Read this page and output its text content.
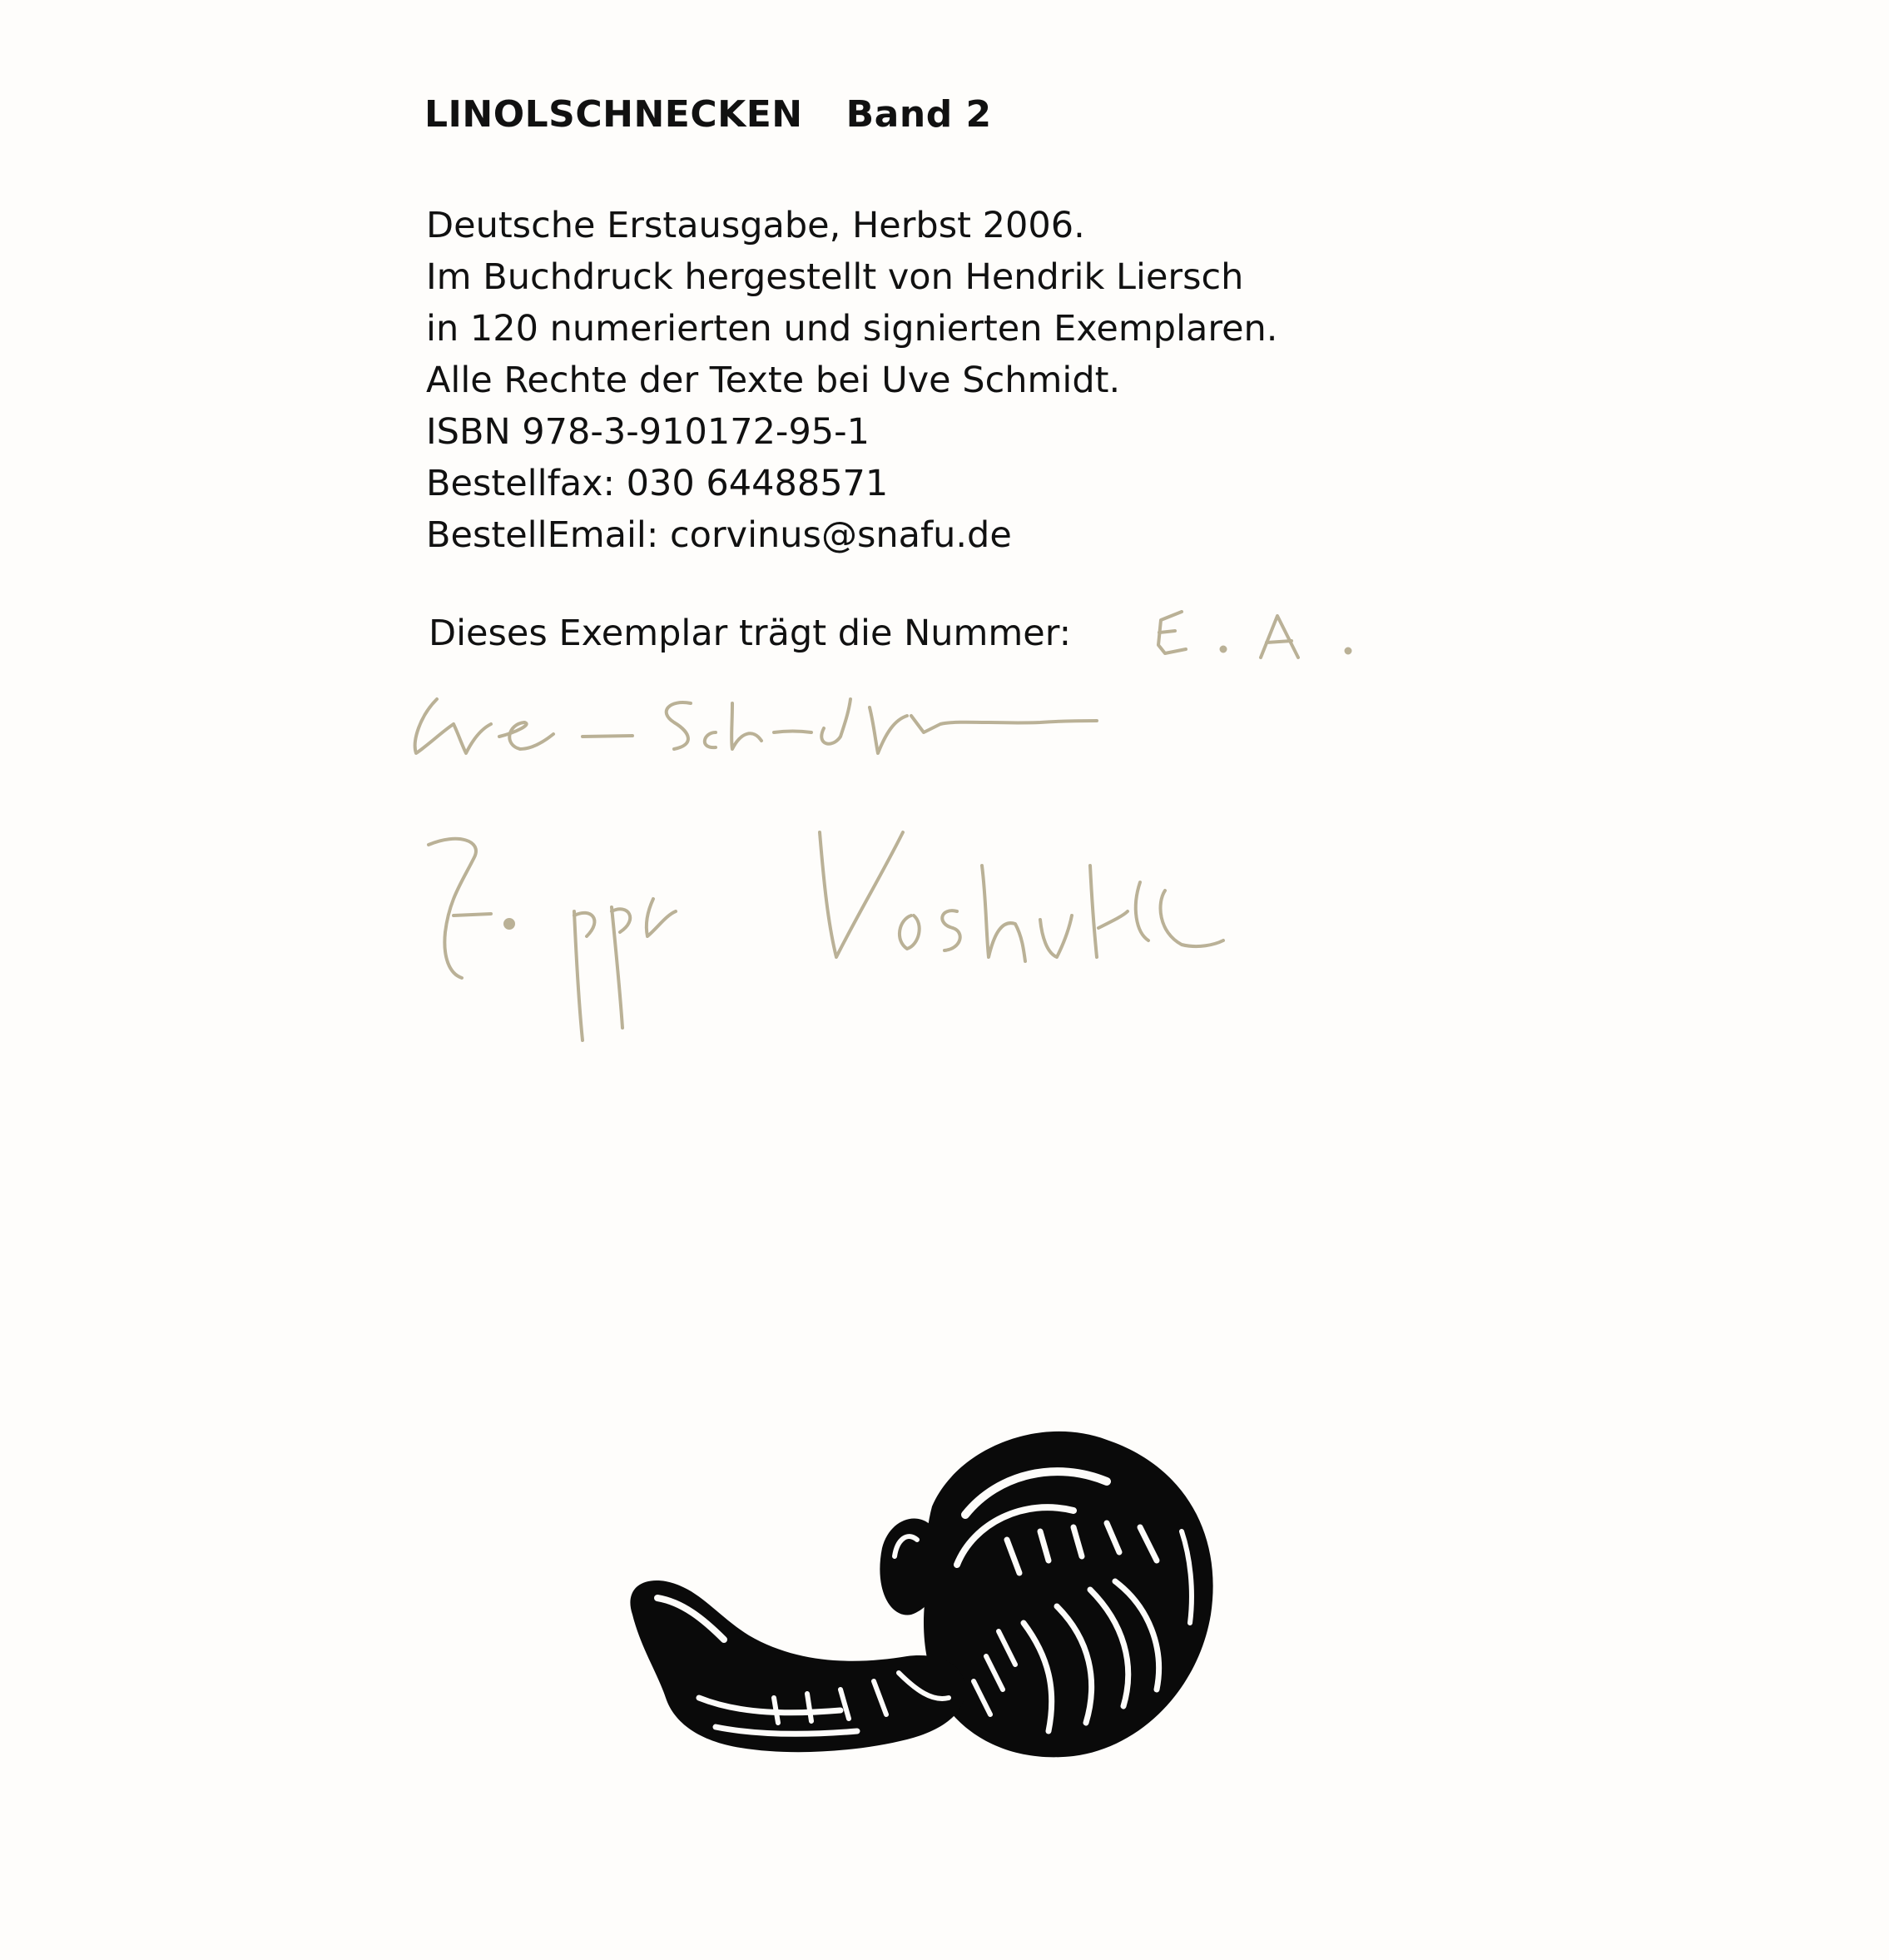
LINOLSCHNECKEN Band 2
Deutsche Erstausgabe, Herbst 2006.
Im Buchdruck hergestellt von Hendrik Liersch
in 120 numerierten und signierten Exemplaren.
Alle Rechte der Texte bei Uve Schmidt.
ISBN 978-3-910172-95-1
Bestellfax: 030 64488571
BestellEmail: corvinus@snafu.de
Dieses Exemplar trägt die Nummer:
